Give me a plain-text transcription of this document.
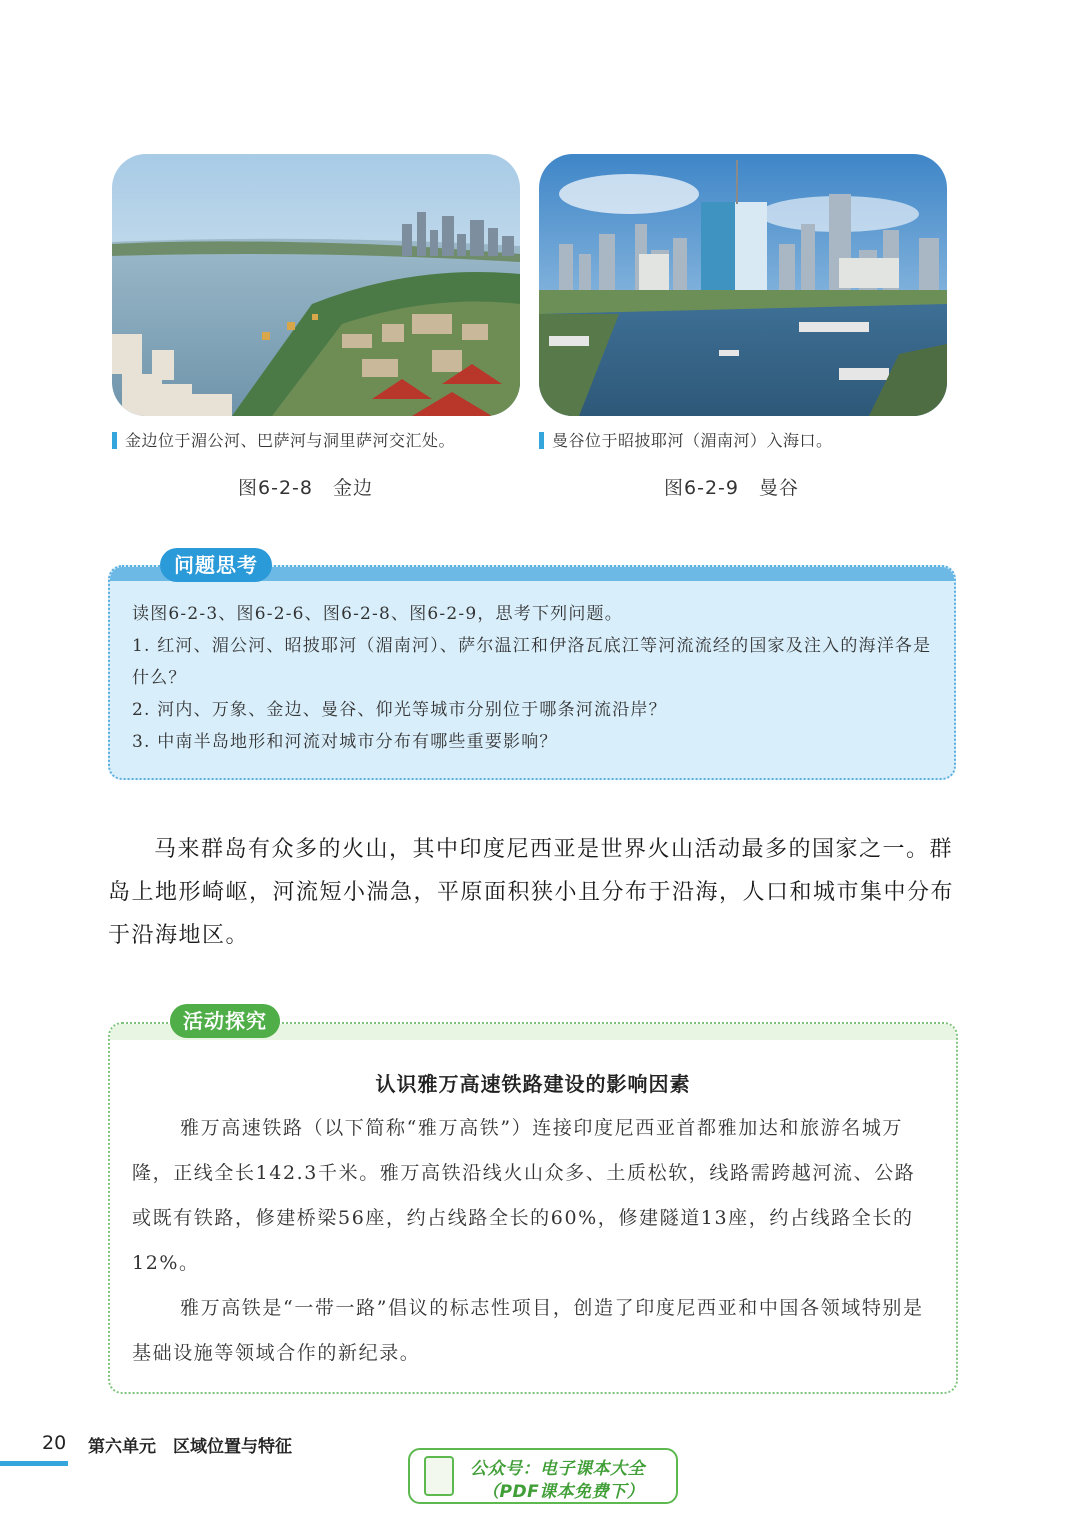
金边位于湄公河、巴萨河与洞里萨河交汇处。	曼谷位于昭披耶河（湄南河）入海口。
图6-2-8　金边	图6-2-9　曼谷
问题思考

读图6-2-3、图6-2-6、图6-2-8、图6-2-9，思考下列问题。

1. 红河、湄公河、昭披耶河（湄南河）、萨尔温江和伊洛瓦底江等河流流经的国家及注入的海洋各是什么？

2. 河内、万象、金边、曼谷、仰光等城市分别位于哪条河流沿岸？

3. 中南半岛地形和河流对城市分布有哪些重要影响？

马来群岛有众多的火山，其中印度尼西亚是世界火山活动最多的国家之一。群岛上地形崎岖，河流短小湍急，平原面积狭小且分布于沿海，人口和城市集中分布于沿海地区。

活动探究
认识雅万高速铁路建设的影响因素

雅万高速铁路（以下简称“雅万高铁”）连接印度尼西亚首都雅加达和旅游名城万隆，正线全长142.3千米。雅万高铁沿线火山众多、土质松软，线路需跨越河流、公路或既有铁路，修建桥梁56座，约占线路全长的60%，修建隧道13座，约占线路全长的12%。

雅万高铁是“一带一路”倡议的标志性项目，创造了印度尼西亚和中国各领域特别是基础设施等领域合作的新纪录。

20 第六单元　区域位置与特征
公众号：电子课本大全
（PDF课本免费下）
